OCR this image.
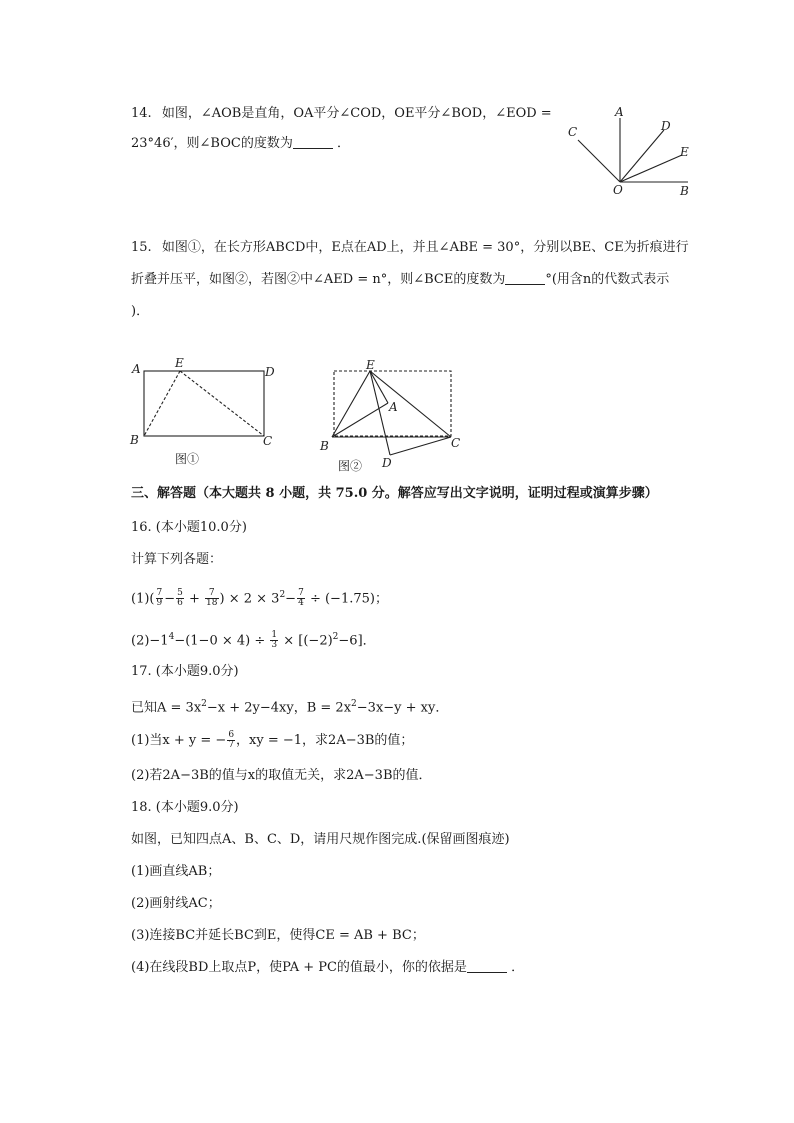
14. 如图，∠AOB是直角，OA平分∠COD，OE平分∠BOD，∠EOD =
23°46′，则∠BOC的度数为	．
A
C	D
E
O	B
15. 如图①，在长方形ABCD中，E点在AD上，并且∠ABE = 30°，分别以BE、CE为折痕进行
折叠并压平，如图②，若图②中∠AED = n°，则∠BCE的度数为	°(用含n的代数式表示
)．
A	E
D
B	C
图①
E
A
B	C
D
图②
三、解答题（本大题共 8 小题，共 75.0 分。解答应写出文字说明，证明过程或演算步骤）
16. (本小题10.0分)
计算下列各题：
$(1)( \frac{7}{9} - \frac{5}{6} + \frac{7}{18}$ ) × $2 \times 3^2- \frac{7}{4} \div (-1.75)$；
$(2)-1^4-(1-0 \times 4) \div \frac{1}{3} \times [(-2)^2-6]$．
17. (本小题9.0分)
已知$A = 3x^2-x + 2y-4xy$，$B = 2x^2-3x-y$ + xy．
(1)当x + y = − $\frac{6}{7}$ ，xy = −1，求2A−3B的值；
(2)若2A−3B的值与x的取值无关，求2A−3B的值．
18. (本小题9.0分)
如图，已知四点A、B、C、D，请用尺规作图完成.(保留画图痕迹)
(1)画直线AB；
(2)画射线AC；
(3)连接BC并延长BC到E，使得CE = AB + BC；
(4)在线段BD上取点P，使PA + PC的值最小，你的依据是	．
